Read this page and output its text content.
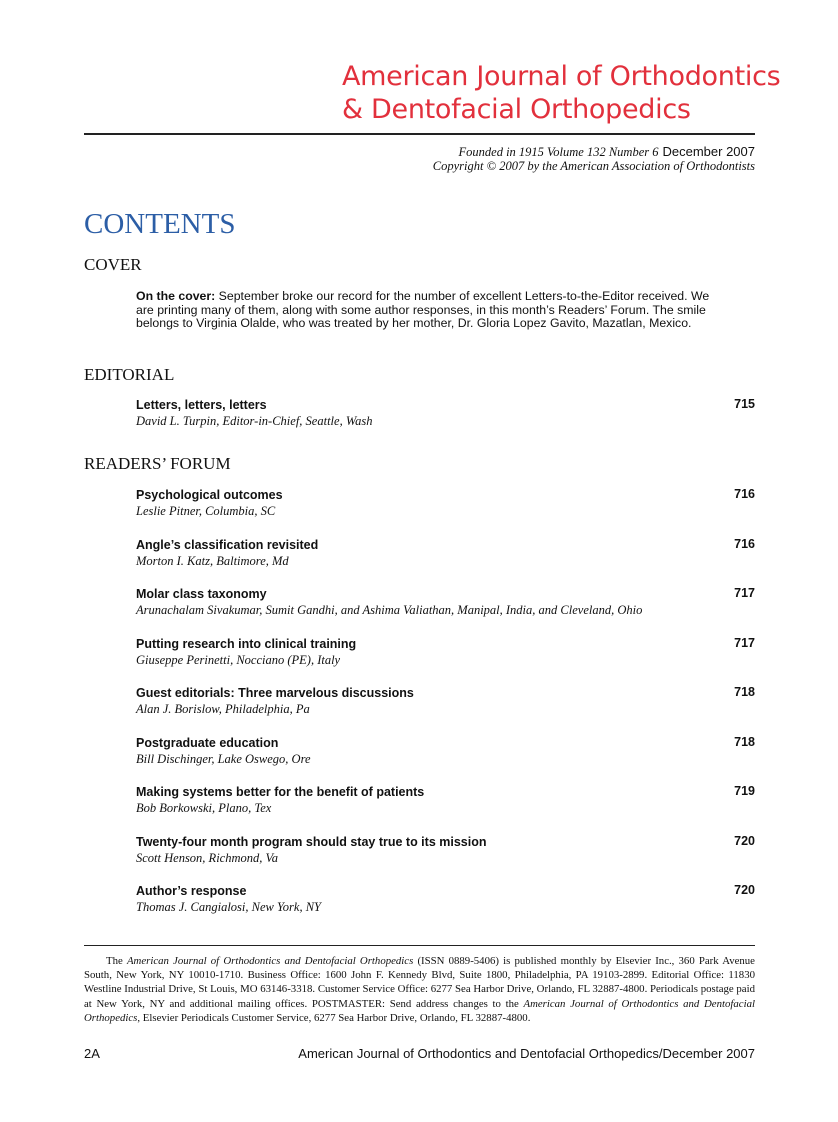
American Journal of Orthodontics
& Dentofacial Orthopedics
Founded in 1915 Volume 132 Number 6 December 2007
Copyright © 2007 by the American Association of Orthodontists
CONTENTS
COVER
On the cover: September broke our record for the number of excellent Letters-to-the-Editor received. We are printing many of them, along with some author responses, in this month’s Readers’ Forum. The smile belongs to Virginia Olalde, who was treated by her mother, Dr. Gloria Lopez Gavito, Mazatlan, Mexico.
EDITORIAL
Letters, letters, letters
David L. Turpin, Editor-in-Chief, Seattle, Wash
715
READERS’ FORUM
The American Journal of Orthodontics and Dentofacial Orthopedics (ISSN 0889-5406) is published monthly by Elsevier Inc., 360 Park Avenue South, New York, NY 10010-1710. Business Office: 1600 John F. Kennedy Blvd, Suite 1800, Philadelphia, PA 19103-2899. Editorial Office: 11830 Westline Industrial Drive, St Louis, MO 63146-3318. Customer Service Office: 6277 Sea Harbor Drive, Orlando, FL 32887-4800. Periodicals postage paid at New York, NY and additional mailing offices. POSTMASTER: Send address changes to the American Journal of Orthodontics and Dentofacial Orthopedics, Elsevier Periodicals Customer Service, 6277 Sea Harbor Drive, Orlando, FL 32887-4800.
2A	American Journal of Orthodontics and Dentofacial Orthopedics/December 2007
Psychological outcomes
Leslie Pitner, Columbia, SC
716
Angle’s classification revisited
Morton I. Katz, Baltimore, Md
716
Molar class taxonomy
Arunachalam Sivakumar, Sumit Gandhi, and Ashima Valiathan, Manipal, India, and Cleveland, Ohio
717
Putting research into clinical training
Giuseppe Perinetti, Nocciano (PE), Italy
717
Guest editorials: Three marvelous discussions
Alan J. Borislow, Philadelphia, Pa
718
Postgraduate education
Bill Dischinger, Lake Oswego, Ore
718
Making systems better for the benefit of patients
Bob Borkowski, Plano, Tex
719
Twenty-four month program should stay true to its mission
Scott Henson, Richmond, Va
720
Author’s response
Thomas J. Cangialosi, New York, NY
720
